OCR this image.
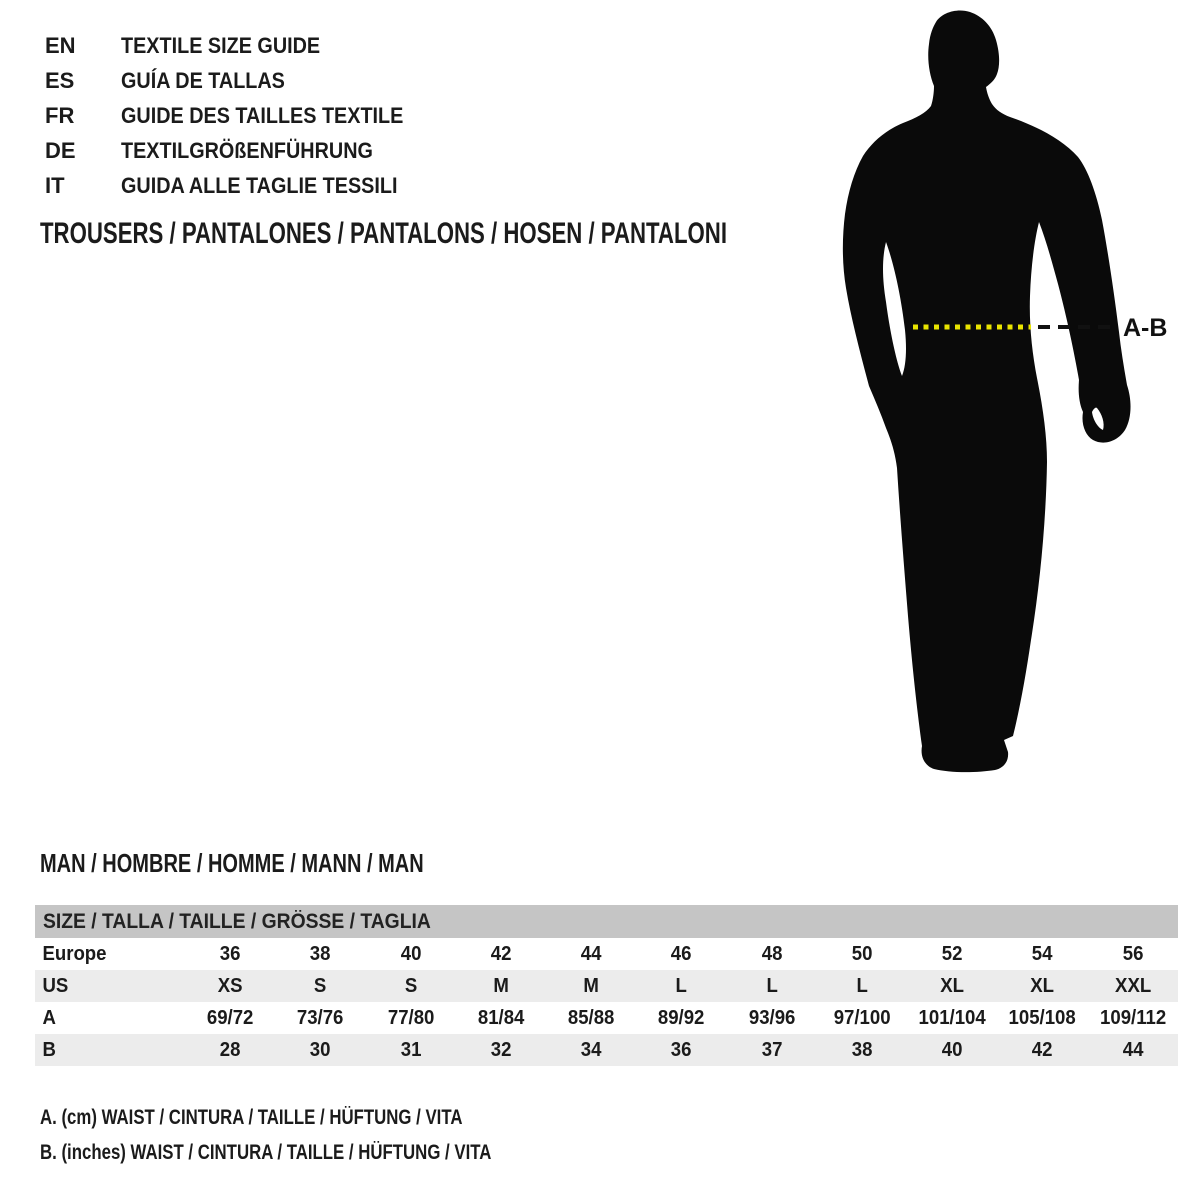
EN	TEXTILE SIZE GUIDE
ES	GUÍA DE TALLAS
FR	GUIDE DES TAILLES TEXTILE
DE	TEXTILGRÖßENFÜHRUNG
IT	GUIDA ALLE TAGLIE TESSILI
TROUSERS / PANTALONES / PANTALONS / HOSEN / PANTALONI
A-B
MAN / HOMBRE / HOMME / MANN / MAN
SIZE / TALLA / TAILLE / GRÖSSE / TAGLIA
Europe	36	38	40	42	44	46	48	50	52	54	56
US	XS	S	S	M	M	L	L	L	XL	XL	XXL
A	69/72	73/76	77/80	81/84	85/88	89/92	93/96	97/100	101/104	105/108	109/112
B	28	30	31	32	34	36	37	38	40	42	44
A. (cm) WAIST / CINTURA / TAILLE / HÜFTUNG / VITA
B. (inches) WAIST / CINTURA / TAILLE / HÜFTUNG / VITA
